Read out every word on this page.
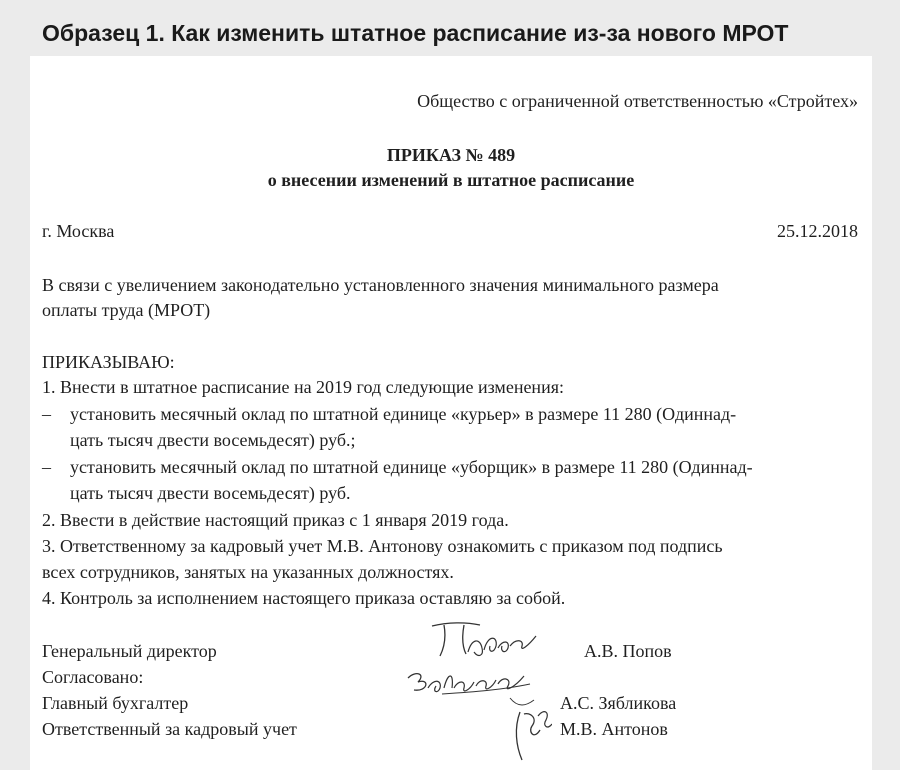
Образец 1. Как изменить штатное расписание из-за нового МРОТ
Общество с ограниченной ответственностью «Стройтех»
ПРИКАЗ № 489
о внесении изменений в штатное расписание
г. Москва	25.12.2018
В связи с увеличением законодательно установленного значения минимального размера
оплаты труда (МРОТ)
ПРИКАЗЫВАЮ:
1. Внести в штатное расписание на 2019 год следующие изменения:
– установить месячный оклад по штатной единице «курьер» в размере 11 280 (Одиннад-
цать тысяч двести восемьдесят) руб.;
– установить месячный оклад по штатной единице «уборщик» в размере 11 280 (Одиннад-
цать тысяч двести восемьдесят) руб.
2. Ввести в действие настоящий приказ с 1 января 2019 года.
3. Ответственному за кадровый учет М.В. Антонову ознакомить с приказом под подпись
всех сотрудников, занятых на указанных должностях.
4. Контроль за исполнением настоящего приказа оставляю за собой.
Генеральный директор	А.В. Попов
Согласовано:
Главный бухгалтер	А.С. Зябликова
Ответственный за кадровый учет	М.В. Антонов
